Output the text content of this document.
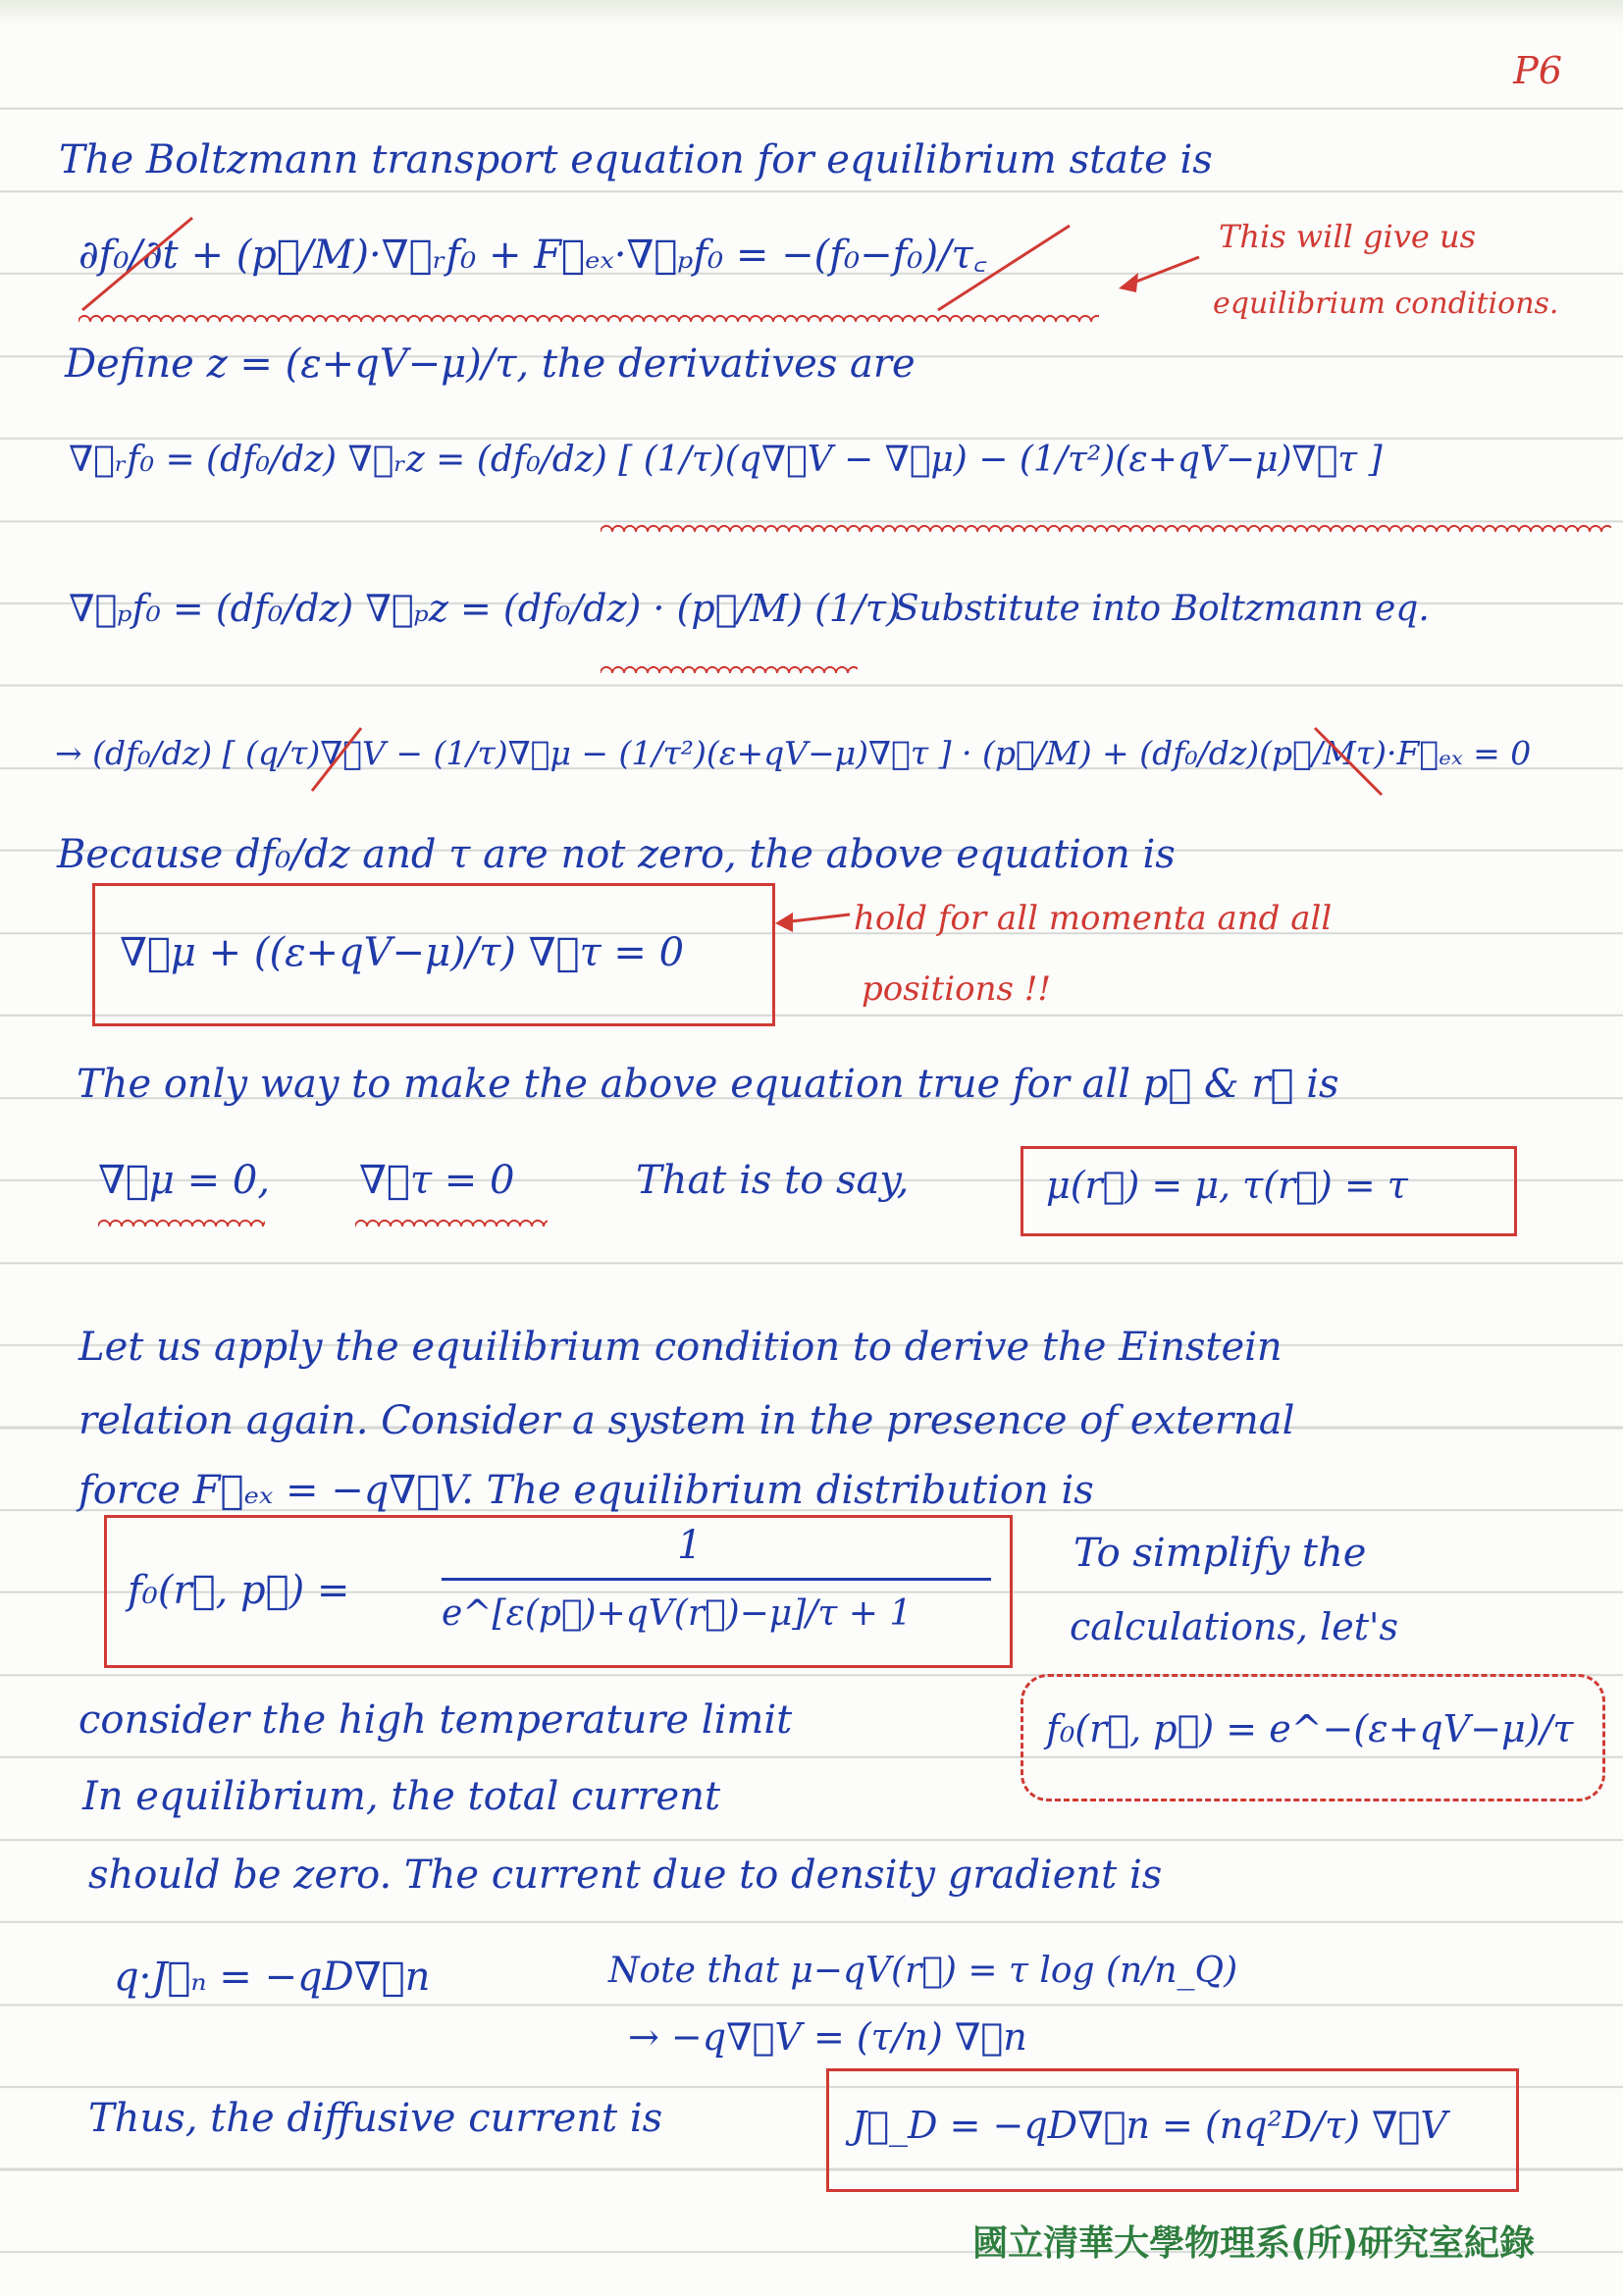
P6
The Boltzmann transport equation for equilibrium state is
∂f₀/∂t + (p⃗/M)·∇⃗ᵣf₀ + F⃗ₑₓ·∇⃗ₚf₀ = −(f₀−f₀)/τ꜀	This will give us
equilibrium conditions.
Define z = (ε+qV−μ)/τ, the derivatives are
∇⃗ᵣf₀ = (df₀/dz) ∇⃗ᵣz = (df₀/dz) [ (1/τ)(q∇⃗V − ∇⃗μ) − (1/τ²)(ε+qV−μ)∇⃗τ ]
∇⃗ₚf₀ = (df₀/dz) ∇⃗ₚz = (df₀/dz) · (p⃗/M) (1/τ)
Substitute into Boltzmann eq.
→ (df₀/dz) [ (q/τ)∇⃗V − (1/τ)∇⃗μ − (1/τ²)(ε+qV−μ)∇⃗τ ] · (p⃗/M) + (df₀/dz)(p⃗/Mτ)·F⃗ₑₓ = 0
Because df₀/dz and τ are not zero, the above equation is
∇⃗μ + ((ε+qV−μ)/τ) ∇⃗τ = 0
hold for all momenta and all
positions !!
The only way to make the above equation true for all p⃗ & r⃗ is
∇⃗μ = 0, ∇⃗τ = 0	That is to say,	μ(r⃗) = μ, τ(r⃗) = τ
Let us apply the equilibrium condition to derive the Einstein
relation again. Consider a system in the presence of external
force F⃗ₑₓ = −q∇⃗V. The equilibrium distribution is
f₀(r⃗, p⃗) =
1
e^[ε(p⃗)+qV(r⃗)−μ]/τ + 1
To simplify the
calculations, let's
consider the high temperature limit	f₀(r⃗, p⃗) = e^−(ε+qV−μ)/τ
In equilibrium, the total current
should be zero. The current due to density gradient is
q·J⃗ₙ = −qD∇⃗n	Note that μ−qV(r⃗) = τ log (n/n_Q)
→ −q∇⃗V = (τ/n) ∇⃗n
Thus, the diffusive current is	J⃗_D = −qD∇⃗n = (nq²D/τ) ∇⃗V
國立清華大學物理系(所)研究室紀錄
